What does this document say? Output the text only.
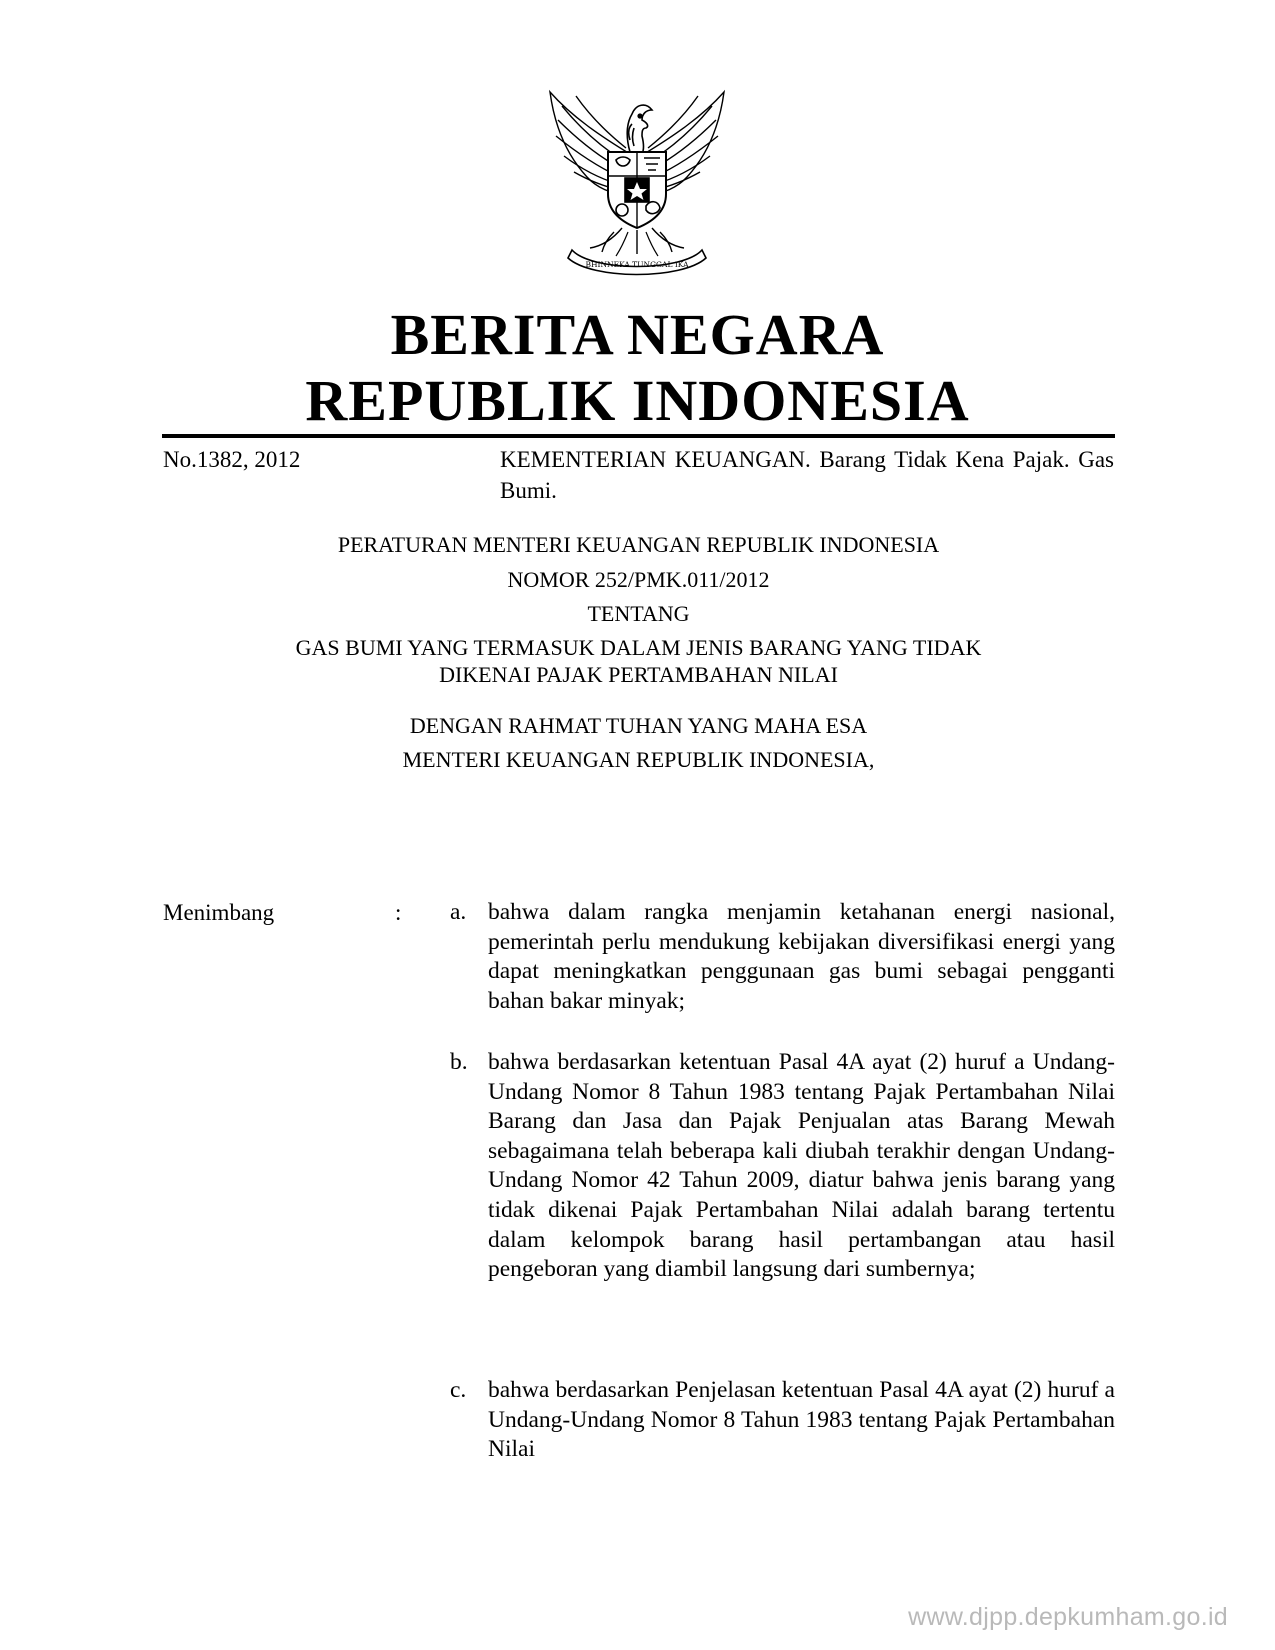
BHINNEKA TUNGGAL IKA
BERITA NEGARA
REPUBLIK INDONESIA
No.1382, 2012	KEMENTERIAN KEUANGAN. Barang Tidak Kena Pajak. Gas Bumi.
PERATURAN MENTERI KEUANGAN REPUBLIK INDONESIA
NOMOR 252/PMK.011/2012
TENTANG
GAS BUMI YANG TERMASUK DALAM JENIS BARANG YANG TIDAK
DIKENAI PAJAK PERTAMBAHAN NILAI
DENGAN RAHMAT TUHAN YANG MAHA ESA
MENTERI KEUANGAN REPUBLIK INDONESIA,
Menimbang	: a. bahwa dalam rangka menjamin ketahanan energi nasional, pemerintah perlu mendukung kebijakan diversifikasi energi yang dapat meningkatkan penggunaan gas bumi sebagai pengganti bahan bakar minyak;
b. bahwa berdasarkan ketentuan Pasal 4A ayat (2) huruf a Undang-Undang Nomor 8 Tahun 1983 tentang Pajak Pertambahan Nilai Barang dan Jasa dan Pajak Penjualan atas Barang Mewah sebagaimana telah beberapa kali diubah terakhir dengan Undang-Undang Nomor 42 Tahun 2009, diatur bahwa jenis barang yang tidak dikenai Pajak Pertambahan Nilai adalah barang tertentu dalam kelompok barang hasil pertambangan atau hasil pengeboran yang diambil langsung dari sumbernya;
c. bahwa berdasarkan Penjelasan ketentuan Pasal 4A ayat (2) huruf a Undang-Undang Nomor 8 Tahun 1983 tentang Pajak Pertambahan Nilai
www.djpp.depkumham.go.id
